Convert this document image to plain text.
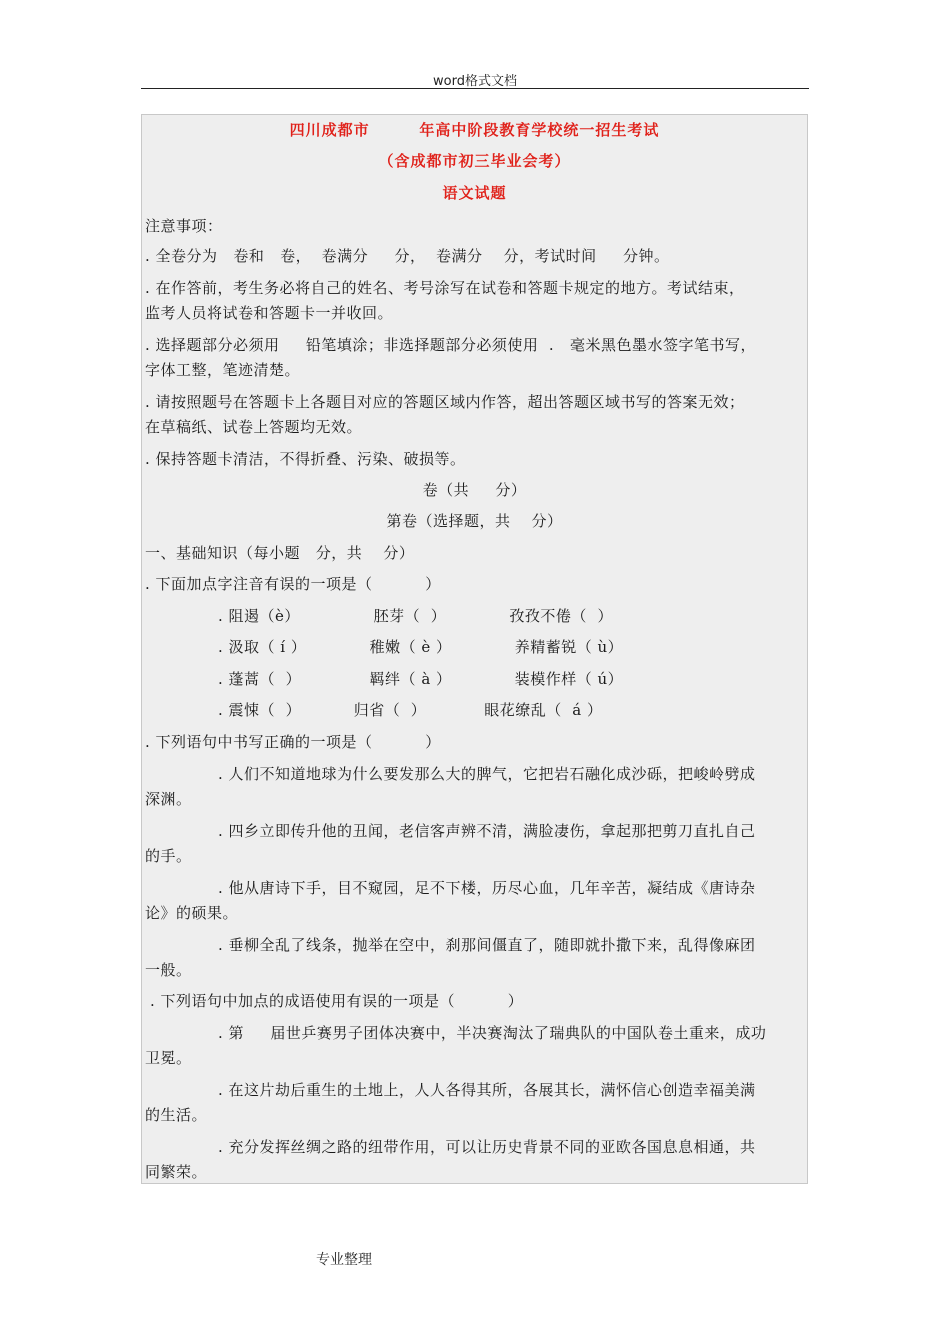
word格式文档
四川成都市        年高中阶段教育学校统一招生考试
（含成都市初三毕业会考）
语文试题
注意事项：
. 全卷分为   卷和   卷，  卷满分     分，  卷满分    分，考试时间     分钟。
. 在作答前，考生务必将自己的姓名、考号涂写在试卷和答题卡规定的地方。考试结束，
监考人员将试卷和答题卡一并收回。
. 选择题部分必须用     铅笔填涂；非选择题部分必须使用  .   毫米黑色墨水签字笔书写，
字体工整，笔迹清楚。
. 请按照题号在答题卡上各题目对应的答题区域内作答，超出答题区域书写的答案无效；
在草稿纸、试卷上答题均无效。
. 保持答题卡清洁，不得折叠、污染、破损等。
卷（共     分）
第卷（选择题，共    分）
一、基础知识（每小题   分，共    分）
. 下面加点字注音有误的一项是（          ）
. 阻遏（è）              胚芽（  ）            孜孜不倦（  ）
. 汲取（ í ）            稚嫩（ è ）            养精蓄锐（ ù）
. 蓬蒿（  ）             羁绊（ à ）            装模作样（ ú）
. 震悚（  ）          归省（  ）           眼花缭乱（  á ）
. 下列语句中书写正确的一项是（          ）
. 人们不知道地球为什么要发那么大的脾气，它把岩石融化成沙砾，把峻岭劈成
深渊。
. 四乡立即传升他的丑闻，老信客声辨不清，满脸凄伤，拿起那把剪刀直扎自己
的手。
. 他从唐诗下手，目不窥园，足不下楼，历尽心血，几年辛苦，凝结成《唐诗杂
论》的硕果。
. 垂柳全乱了线条，抛举在空中，刹那间僵直了，随即就扑撒下来，乱得像麻团
一般。
. 下列语句中加点的成语使用有误的一项是（          ）
. 第     届世乒赛男子团体决赛中，半决赛淘汰了瑞典队的中国队卷土重来，成功
卫冕。
. 在这片劫后重生的土地上，人人各得其所，各展其长，满怀信心创造幸福美满
的生活。
. 充分发挥丝绸之路的纽带作用，可以让历史背景不同的亚欧各国息息相通，共
同繁荣。
专业整理
